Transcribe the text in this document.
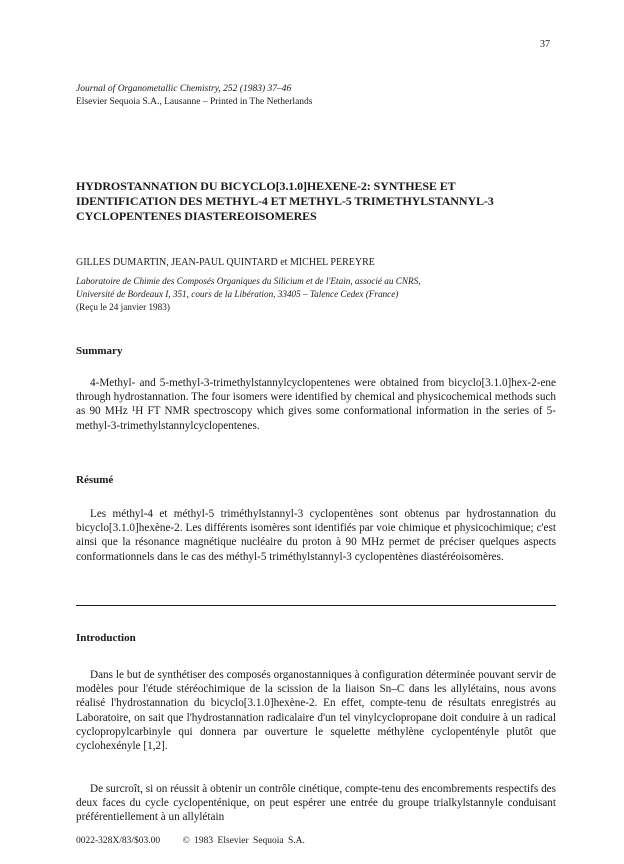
37
Journal of Organometallic Chemistry, 252 (1983) 37–46
Elsevier Sequoia S.A., Lausanne – Printed in The Netherlands
HYDROSTANNATION DU BICYCLO[3.1.0]HEXENE-2: SYNTHESE ET IDENTIFICATION DES METHYL-4 ET METHYL-5 TRIMETHYLSTANNYL-3 CYCLOPENTENES DIASTEREOISOMERES
GILLES DUMARTIN, JEAN-PAUL QUINTARD et MICHEL PEREYRE
Laboratoire de Chimie des Composés Organiques du Silicium et de l'Etain, associé au CNRS,
Université de Bordeaux I, 351, cours de la Libération, 33405 – Talence Cedex (France)
(Reçu le 24 janvier 1983)
Summary

4-Methyl- and 5-methyl-3-trimethylstannylcyclopentenes were obtained from bicyclo[3.1.0]hex-2-ene through hydrostannation. The four isomers were identified by chemical and physicochemical methods such as 90 MHz ¹H FT NMR spectroscopy which gives some conformational information in the series of 5-methyl-3-trimethylstannylcyclopentenes.

Résumé

Les méthyl-4 et méthyl-5 triméthylstannyl-3 cyclopentènes sont obtenus par hydrostannation du bicyclo[3.1.0]hexène-2. Les différents isomères sont identifiés par voie chimique et physicochimique; c'est ainsi que la résonance magnétique nucléaire du proton à 90 MHz permet de préciser quelques aspects conformationnels dans le cas des méthyl-5 triméthylstannyl-3 cyclopentènes diastéréoisomères.

Introduction

Dans le but de synthétiser des composés organostanniques à configuration déterminée pouvant servir de modèles pour l'étude stéréochimique de la scission de la liaison Sn–C dans les allylétains, nous avons réalisé l'hydrostannation du bicyclo[3.1.0]hexène-2. En effet, compte-tenu de résultats enregistrés au Laboratoire, on sait que l'hydrostannation radicalaire d'un tel vinylcyclopropane doit conduire à un radical cyclopropylcarbinyle qui donnera par ouverture le squelette méthylène cyclopentényle plutôt que cyclohexényle [1,2].

De surcroît, si on réussit à obtenir un contrôle cinétique, compte-tenu des encombrements respectifs des deux faces du cycle cyclopenténique, on peut espérer une entrée du groupe trialkylstannyle conduisant préférentiellement à un allylétain

0022-328X/83/$03.00 © 1983 Elsevier Sequoia S.A.
